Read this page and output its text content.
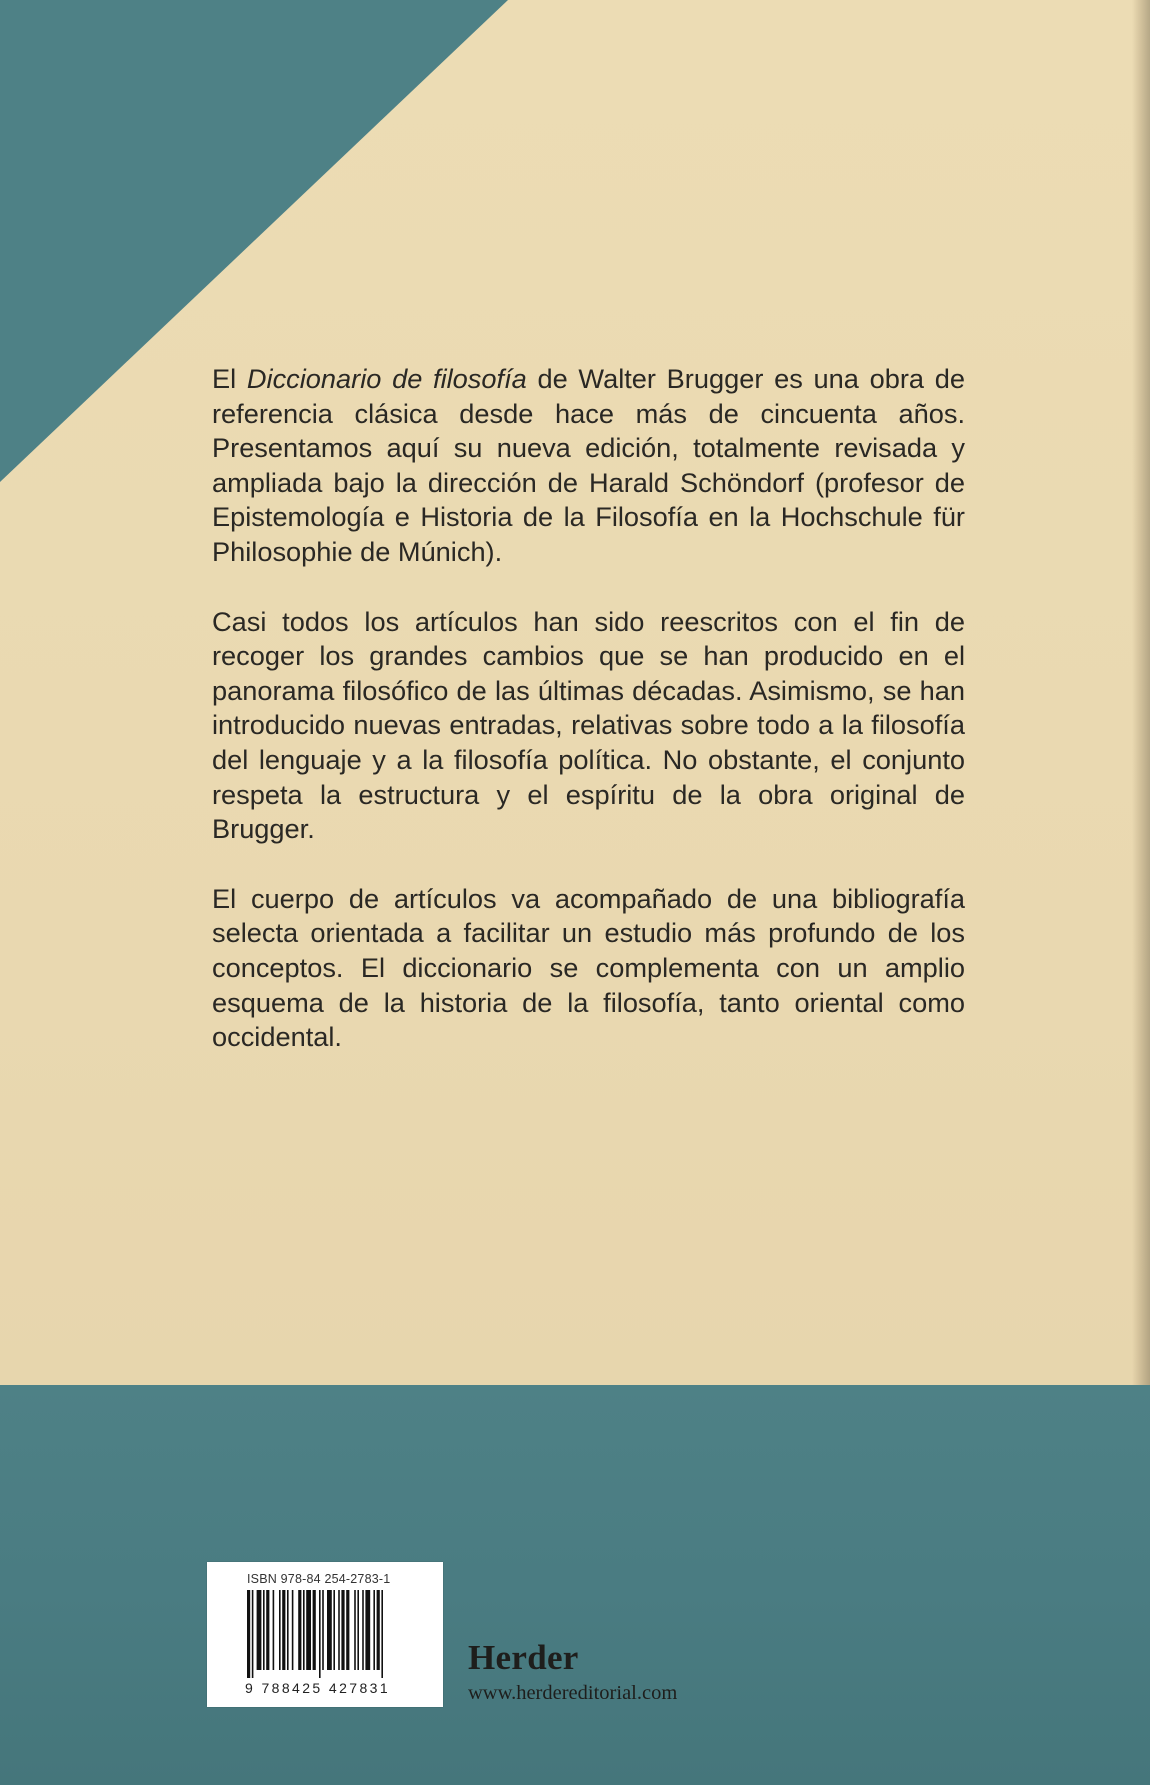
El Diccionario de filosofía de Walter Brugger es una obra de referencia clásica desde hace más de cincuenta años. Presentamos aquí su nueva edición, totalmente revisada y ampliada bajo la dirección de Harald Schöndorf (profesor de Epistemología e Historia de la Filosofía en la Hochschule für Philosophie de Múnich).

Casi todos los artículos han sido reescritos con el fin de recoger los grandes cambios que se han producido en el panorama filosófico de las últimas décadas. Asimismo, se han introducido nuevas entradas, relativas sobre todo a la filosofía del lenguaje y a la filosofía política. No obstante, el conjunto respeta la estructura y el espíritu de la obra original de Brugger.

El cuerpo de artículos va acompañado de una bibliografía selecta orientada a facilitar un estudio más profundo de los conceptos. El diccionario se complementa con un amplio esquema de la historia de la filosofía, tanto oriental como occidental.

ISBN 978-84 254-2783-1
9 788425 427831
Herder
www.herdereditorial.com
